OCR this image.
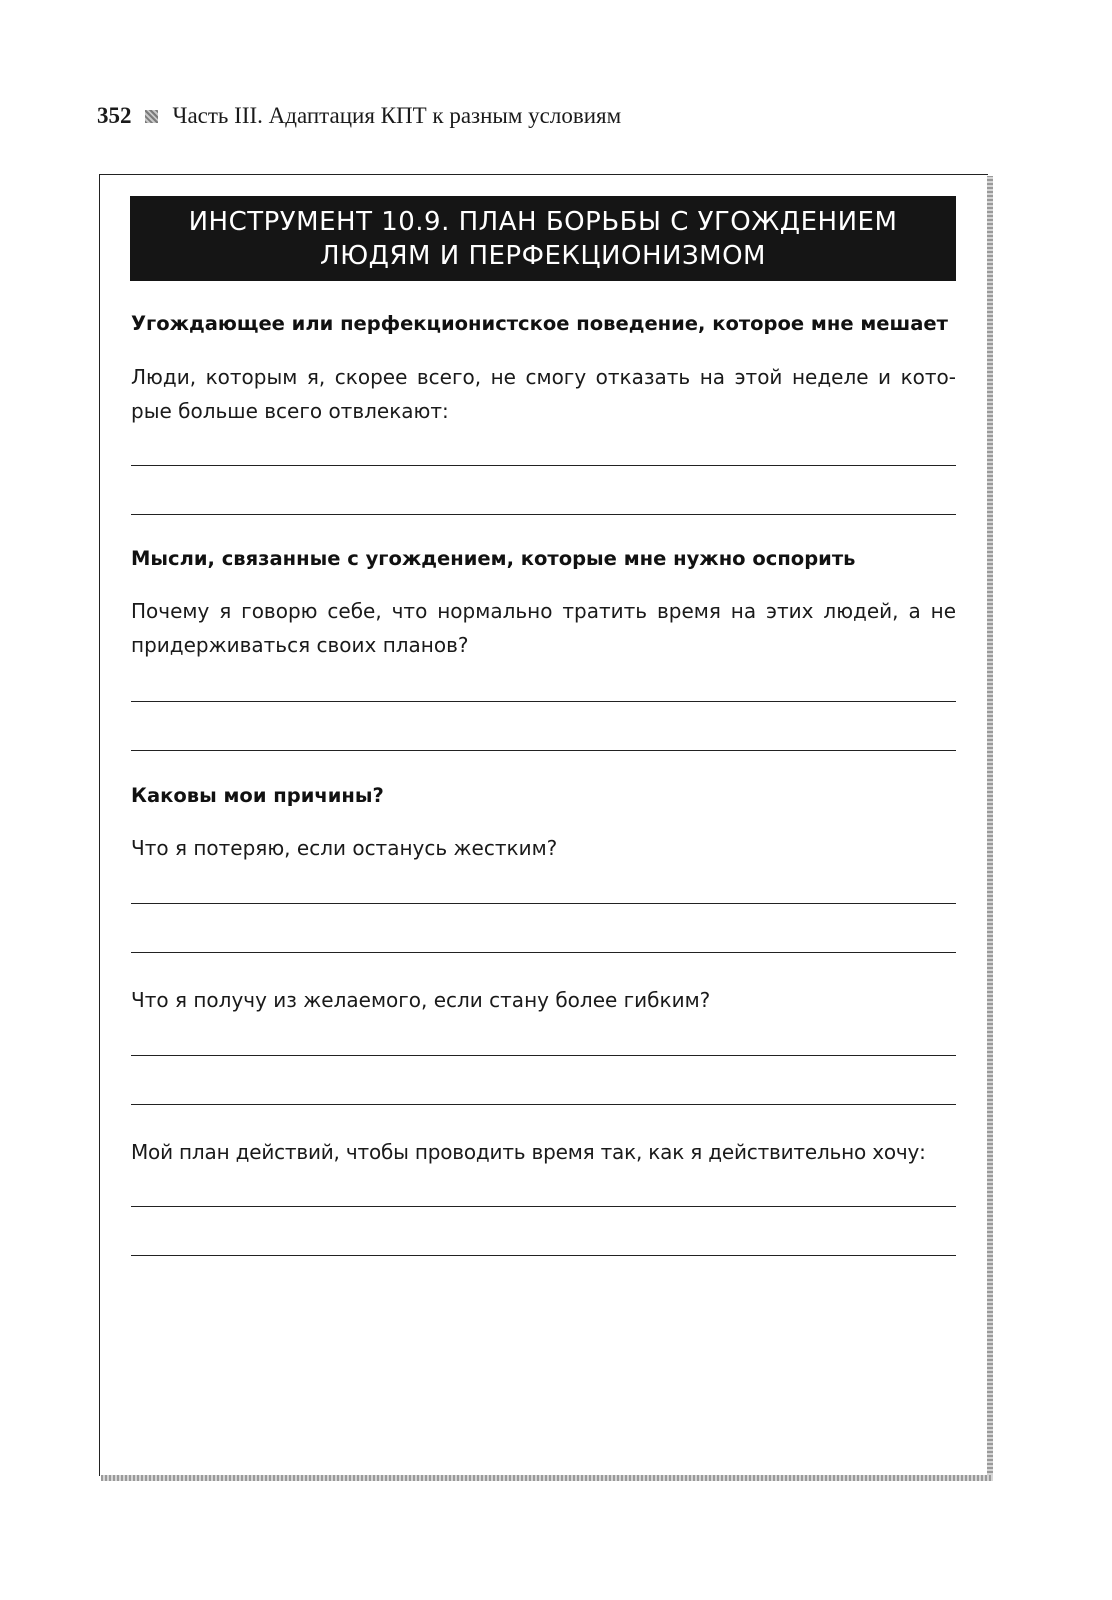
352 Часть III. Адаптация КПТ к разным условиям
ИНСТРУМЕНТ 10.9. ПЛАН БОРЬБЫ С УГОЖДЕНИЕМ
ЛЮДЯМ И ПЕРФЕКЦИОНИЗМОМ
Угождающее или перфекционистское поведение, которое мне мешает
Люди, которым я, скорее всего, не смогу отказать на этой неделе и кото-рые больше всего отвлекают:
Мысли, связанные с угождением, которые мне нужно оспорить
Почему я говорю себе, что нормально тратить время на этих людей, а не придерживаться своих планов?
Каковы мои причины?
Что я потеряю, если останусь жестким?
Что я получу из желаемого, если стану более гибким?
Мой план действий, чтобы проводить время так, как я действительно хочу:
